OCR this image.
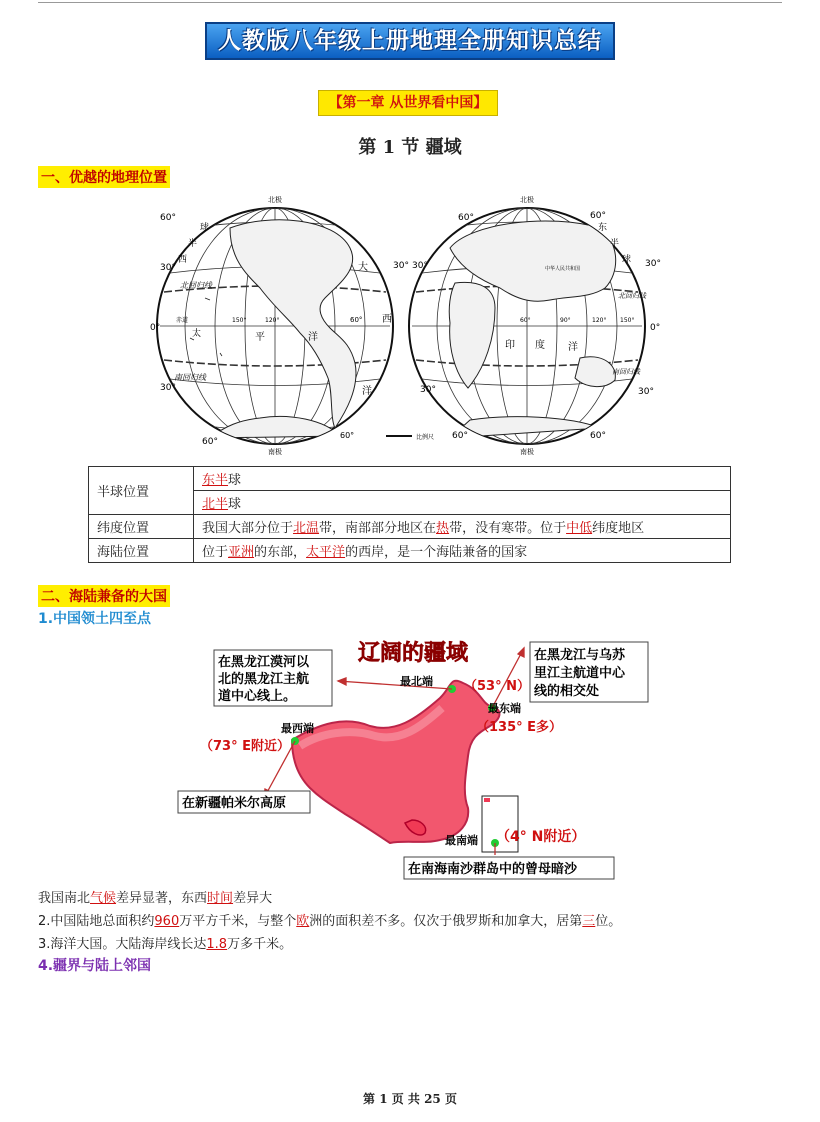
人教版八年级上册地理全册知识总结
【第一章 从世界看中国】
第 1 节 疆域
一、优越的地理位置
北极
南极
30°
30°
0°
60°
120°	60°
150°
60°
30°
赤道
球
半
西
北回归线
南回归线
太	平	洋
大
西
洋
比例尺
北极
南极
60°	60°
60°
30°	30°
30°	30°
0°
60°	60°
60°	90°	120° 150°
东
半
球
中华人民共和国
印 度 洋
北回归线
南回归线
半球位置	东半球
	北半球
纬度位置	我国大部分位于北温带，南部部分地区在热带，没有寒带。位于中低纬度地区
海陆位置	位于亚洲的东部，太平洋的西岸，是一个海陆兼备的国家
二、海陆兼备的大国
1.中国领土四至点
辽阔的疆域
最北端 （53° N）
最东端
（135° E多）
最西端
（73° E附近）
最南端 （4° N附近）
在黑龙江漠河以
北的黑龙江主航
道中心线上。
在黑龙江与乌苏
里江主航道中心
线的相交处
在新疆帕米尔高原
在南海南沙群岛中的曾母暗沙
我国南北气候差异显著，东西时间差异大
2.中国陆地总面积约960万平方千米，与整个欧洲的面积差不多。仅次于俄罗斯和加拿大，居第三位。
3.海洋大国。大陆海岸线长达1.8万多千米。
4.疆界与陆上邻国
第 1 页 共 25 页
